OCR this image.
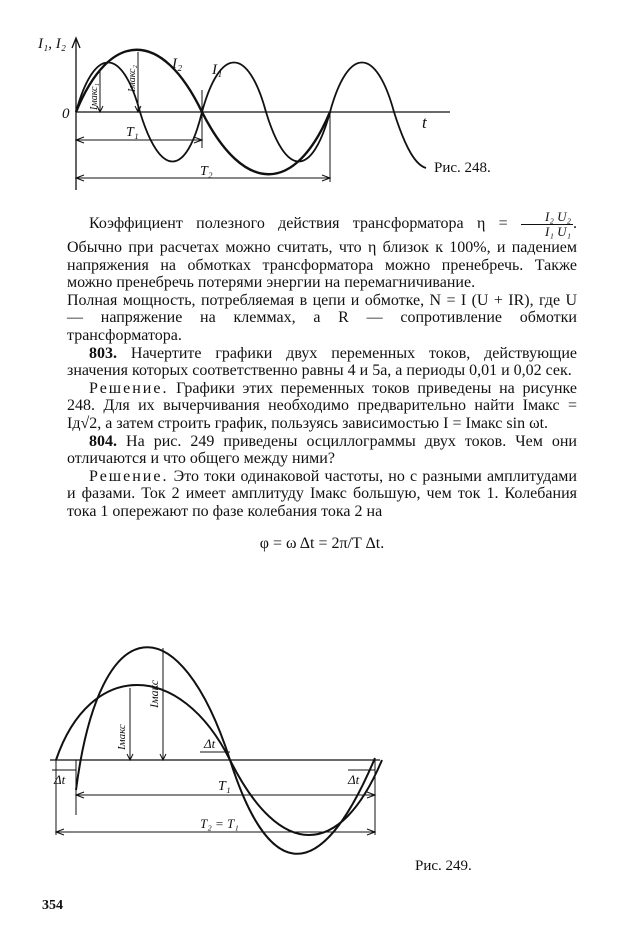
I₁, I₂
t
0
I₂ I₁
Iмакс₁
Iмакс₂
T₁
T₂	Рис. 248.

Коэффициент полезного действия трансформатора $\eta = \frac{\text{I₂ U₂}}{\text{I₁ U₁}}$ . Обычно при расчетах можно считать, что η близок к 100%, и падением напряжения на обмотках трансформатора можно пренебречь. Также можно пренебречь потерями энергии на перемагничивание.

Полная мощность, потребляемая в цепи и обмотке, N = I (U + IR), где U — напряжение на клеммах, а R — сопротивление обмотки трансформатора.

803. Начертите графики двух переменных токов, действующие значения которых соответственно равны 4 и 5а, а периоды 0,01 и 0,02 сек.

Решение. Графики этих переменных токов приведены на рисунке 248. Для их вычерчивания необходимо предварительно найти Iмакс = Iд√2, а затем строить график, пользуясь зависимостью I = Iмакс sin ωt.

804. На рис. 249 приведены осциллограммы двух токов. Чем они отличаются и что общего между ними?

Решение. Это токи одинаковой частоты, но с разными амплитудами и фазами. Ток 2 имеет амплитуду Iмакс большую, чем ток 1. Колебания тока 1 опережают по фазе колебания тока 2 на

φ = ω Δt = 2π/T Δt.

Iмакс
Iмакс
Δt
Δt	Δt
T₁
T₂ = T₁
Рис. 249.
354
